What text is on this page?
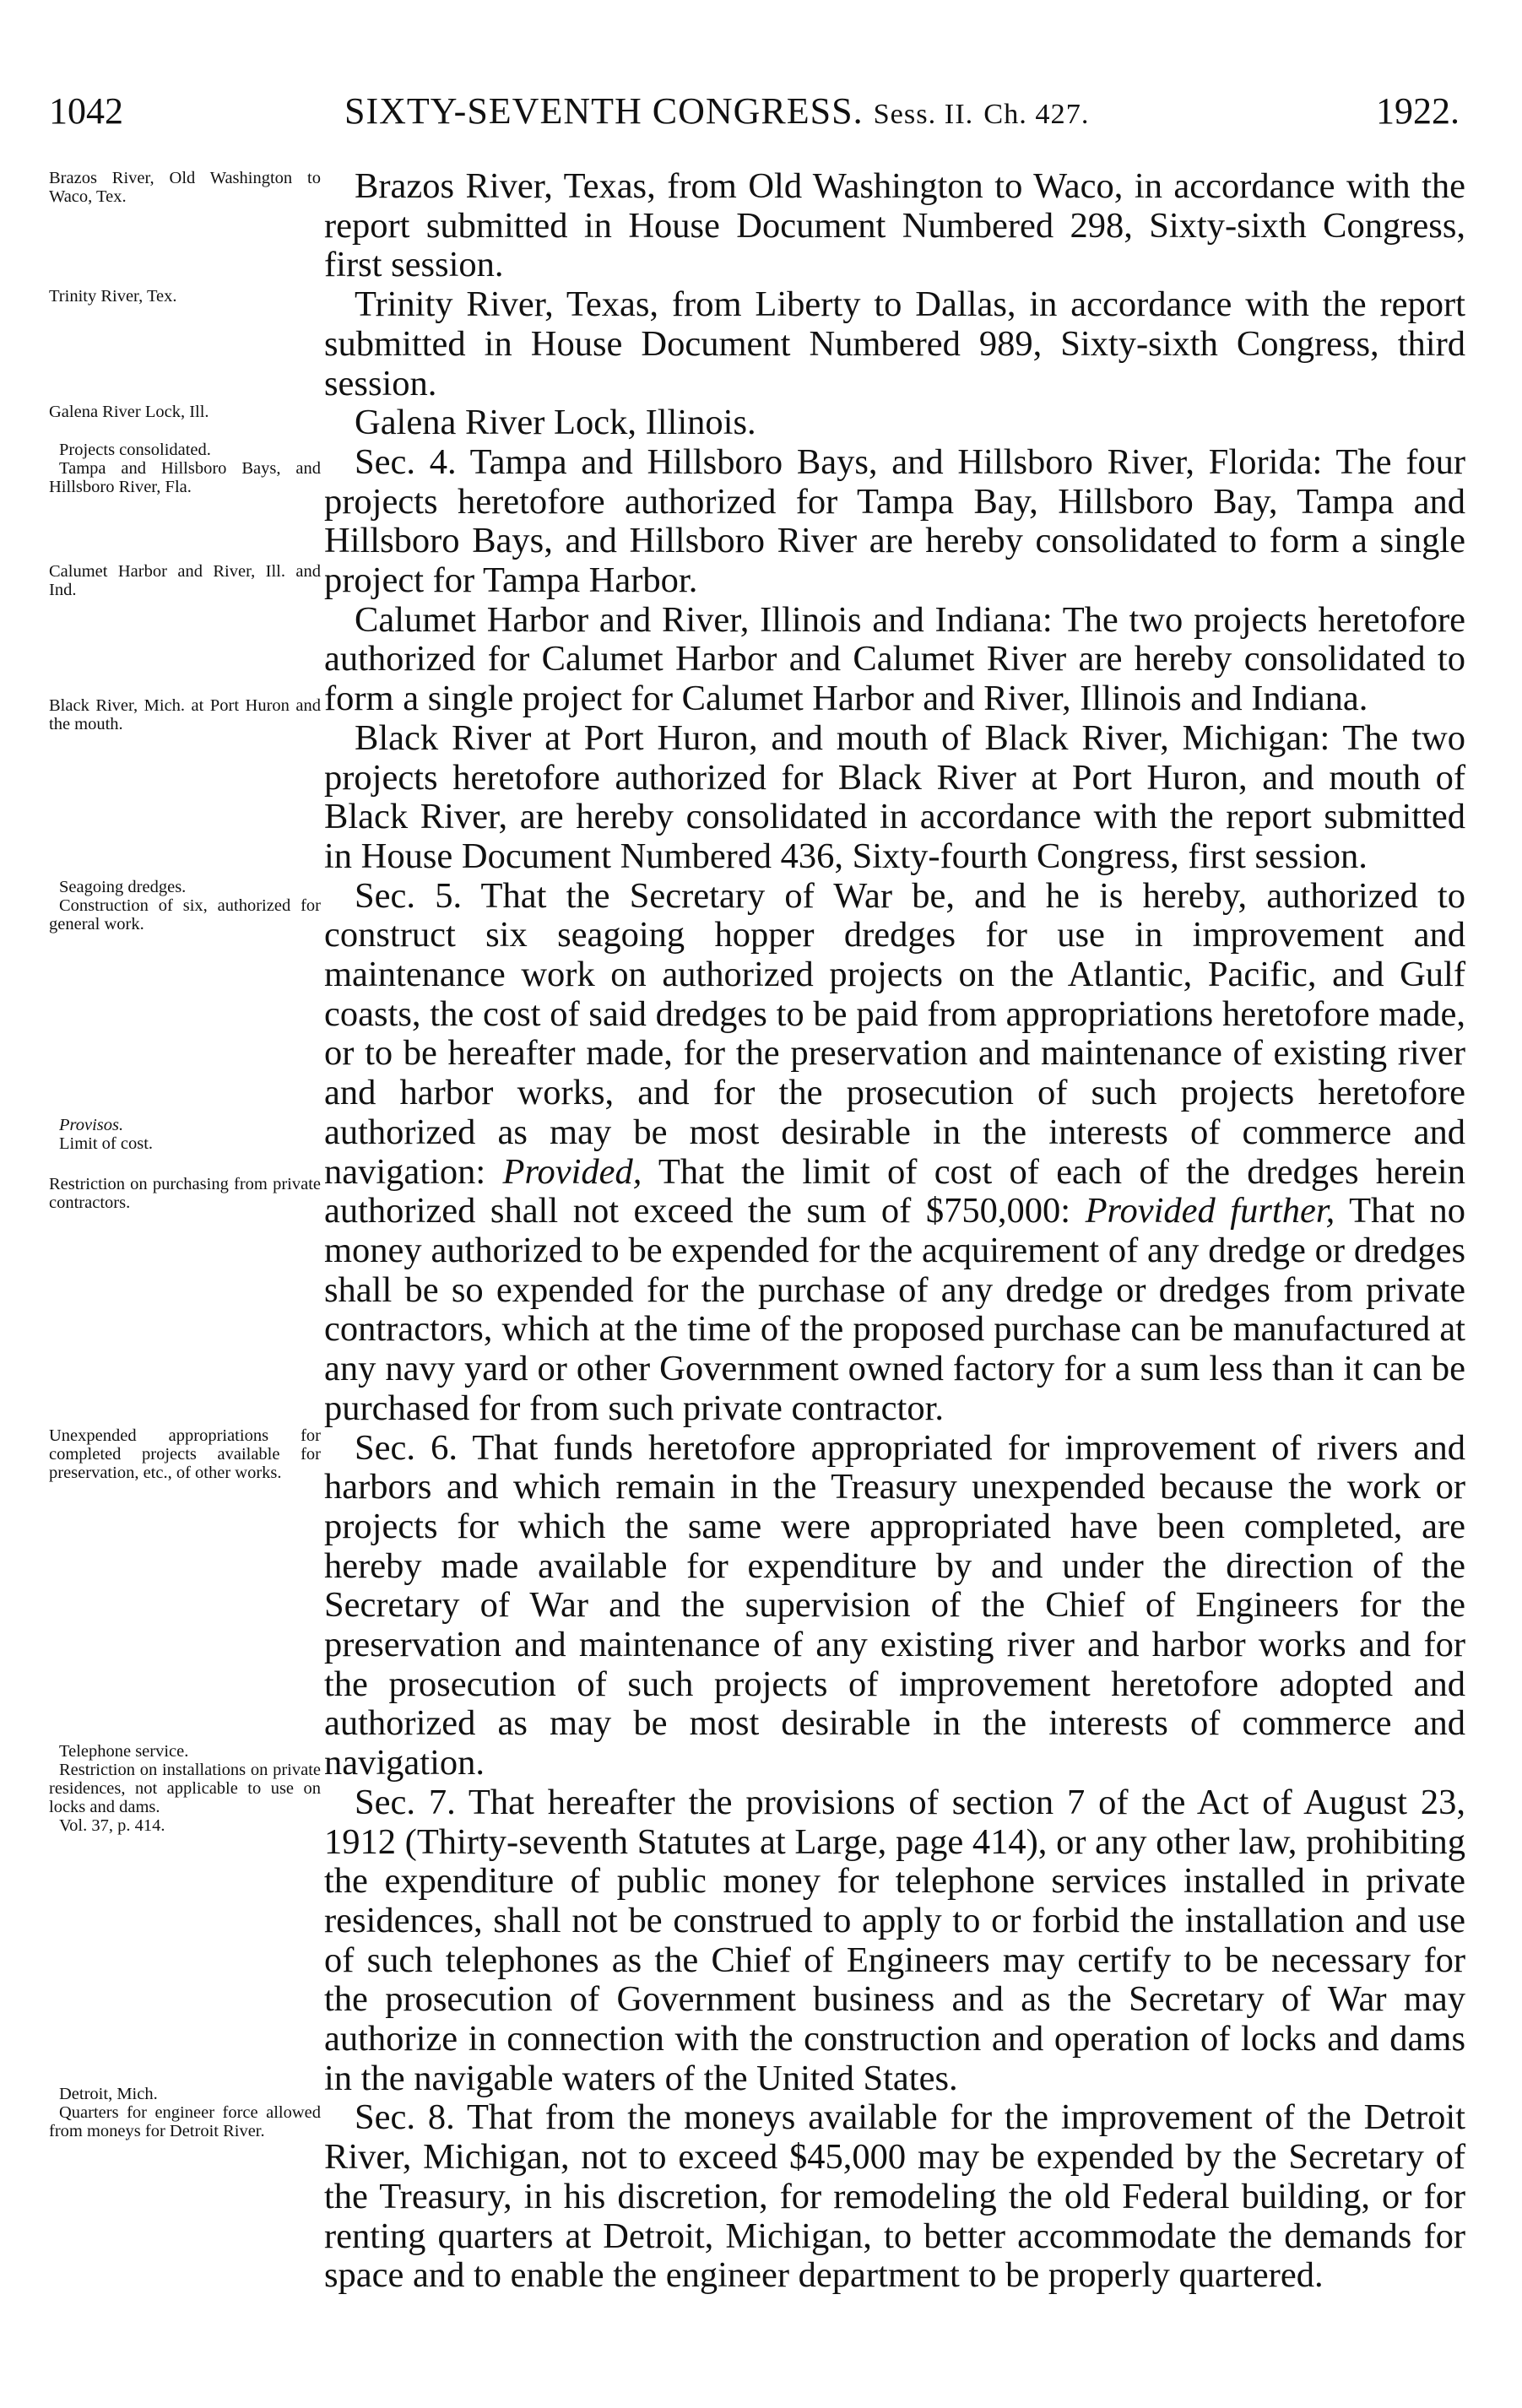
1042	SIXTY-SEVENTH CONGRESS. Sess. II. Ch. 427.	1922.

Brazos River, Texas, from Old Washington to Waco, in accordance with the report submitted in House Document Numbered 298, Sixty-sixth Congress, first session.

Trinity River, Texas, from Liberty to Dallas, in accordance with the report submitted in House Document Numbered 989, Sixty-sixth Congress, third session.

Galena River Lock, Illinois.

Sec. 4. Tampa and Hillsboro Bays, and Hillsboro River, Florida: The four projects heretofore authorized for Tampa Bay, Hillsboro Bay, Tampa and Hillsboro Bays, and Hillsboro River are hereby consolidated to form a single project for Tampa Harbor.

Calumet Harbor and River, Illinois and Indiana: The two projects heretofore authorized for Calumet Harbor and Calumet River are hereby consolidated to form a single project for Calumet Harbor and River, Illinois and Indiana.

Black River at Port Huron, and mouth of Black River, Michigan: The two projects heretofore authorized for Black River at Port Huron, and mouth of Black River, are hereby consolidated in accordance with the report submitted in House Document Numbered 436, Sixty-fourth Congress, first session.

Sec. 5. That the Secretary of War be, and he is hereby, authorized to construct six seagoing hopper dredges for use in improvement and maintenance work on authorized projects on the Atlantic, Pacific, and Gulf coasts, the cost of said dredges to be paid from appropriations heretofore made, or to be hereafter made, for the preservation and maintenance of existing river and harbor works, and for the prosecution of such projects heretofore authorized as may be most desirable in the interests of commerce and navigation: Provided, That the limit of cost of each of the dredges herein authorized shall not exceed the sum of $750,000: Provided further, That no money authorized to be expended for the acquirement of any dredge or dredges shall be so expended for the purchase of any dredge or dredges from private contractors, which at the time of the proposed purchase can be manufactured at any navy yard or other Government owned factory for a sum less than it can be purchased for from such private contractor.

Sec. 6. That funds heretofore appropriated for improvement of rivers and harbors and which remain in the Treasury unexpended because the work or projects for which the same were appropriated have been completed, are hereby made available for expenditure by and under the direction of the Secretary of War and the supervision of the Chief of Engineers for the preservation and maintenance of any existing river and harbor works and for the prosecution of such projects of improvement heretofore adopted and authorized as may be most desirable in the interests of commerce and navigation.

Sec. 7. That hereafter the provisions of section 7 of the Act of August 23, 1912 (Thirty-seventh Statutes at Large, page 414), or any other law, prohibiting the expenditure of public money for telephone services installed in private residences, shall not be construed to apply to or forbid the installation and use of such telephones as the Chief of Engineers may certify to be necessary for the prosecution of Government business and as the Secretary of War may authorize in connection with the construction and operation of locks and dams in the navigable waters of the United States.

Sec. 8. That from the moneys available for the improvement of the Detroit River, Michigan, not to exceed $45,000 may be expended by the Secretary of the Treasury, in his discretion, for remodeling the old Federal building, or for renting quarters at Detroit, Michigan, to better accommodate the demands for space and to enable the engineer department to be properly quartered.

Brazos River, Old Washington to Waco, Tex.
Trinity River, Tex.
Galena River Lock, Ill.
Projects consolidated.
Tampa and Hillsboro Bays, and Hillsboro River, Fla.
Calumet Harbor and River, Ill. and Ind.
Black River, Mich. at Port Huron and the mouth.
Seagoing dredges.
Construction of six, authorized for general work.
Provisos.
Limit of cost.
Restriction on purchasing from private contractors.
Unexpended appropriations for completed projects available for preservation, etc., of other works.
Telephone service.
Restriction on installations on private residences, not applicable to use on locks and dams.
Vol. 37, p. 414.
Detroit, Mich.
Quarters for engineer force allowed from moneys for Detroit River.
